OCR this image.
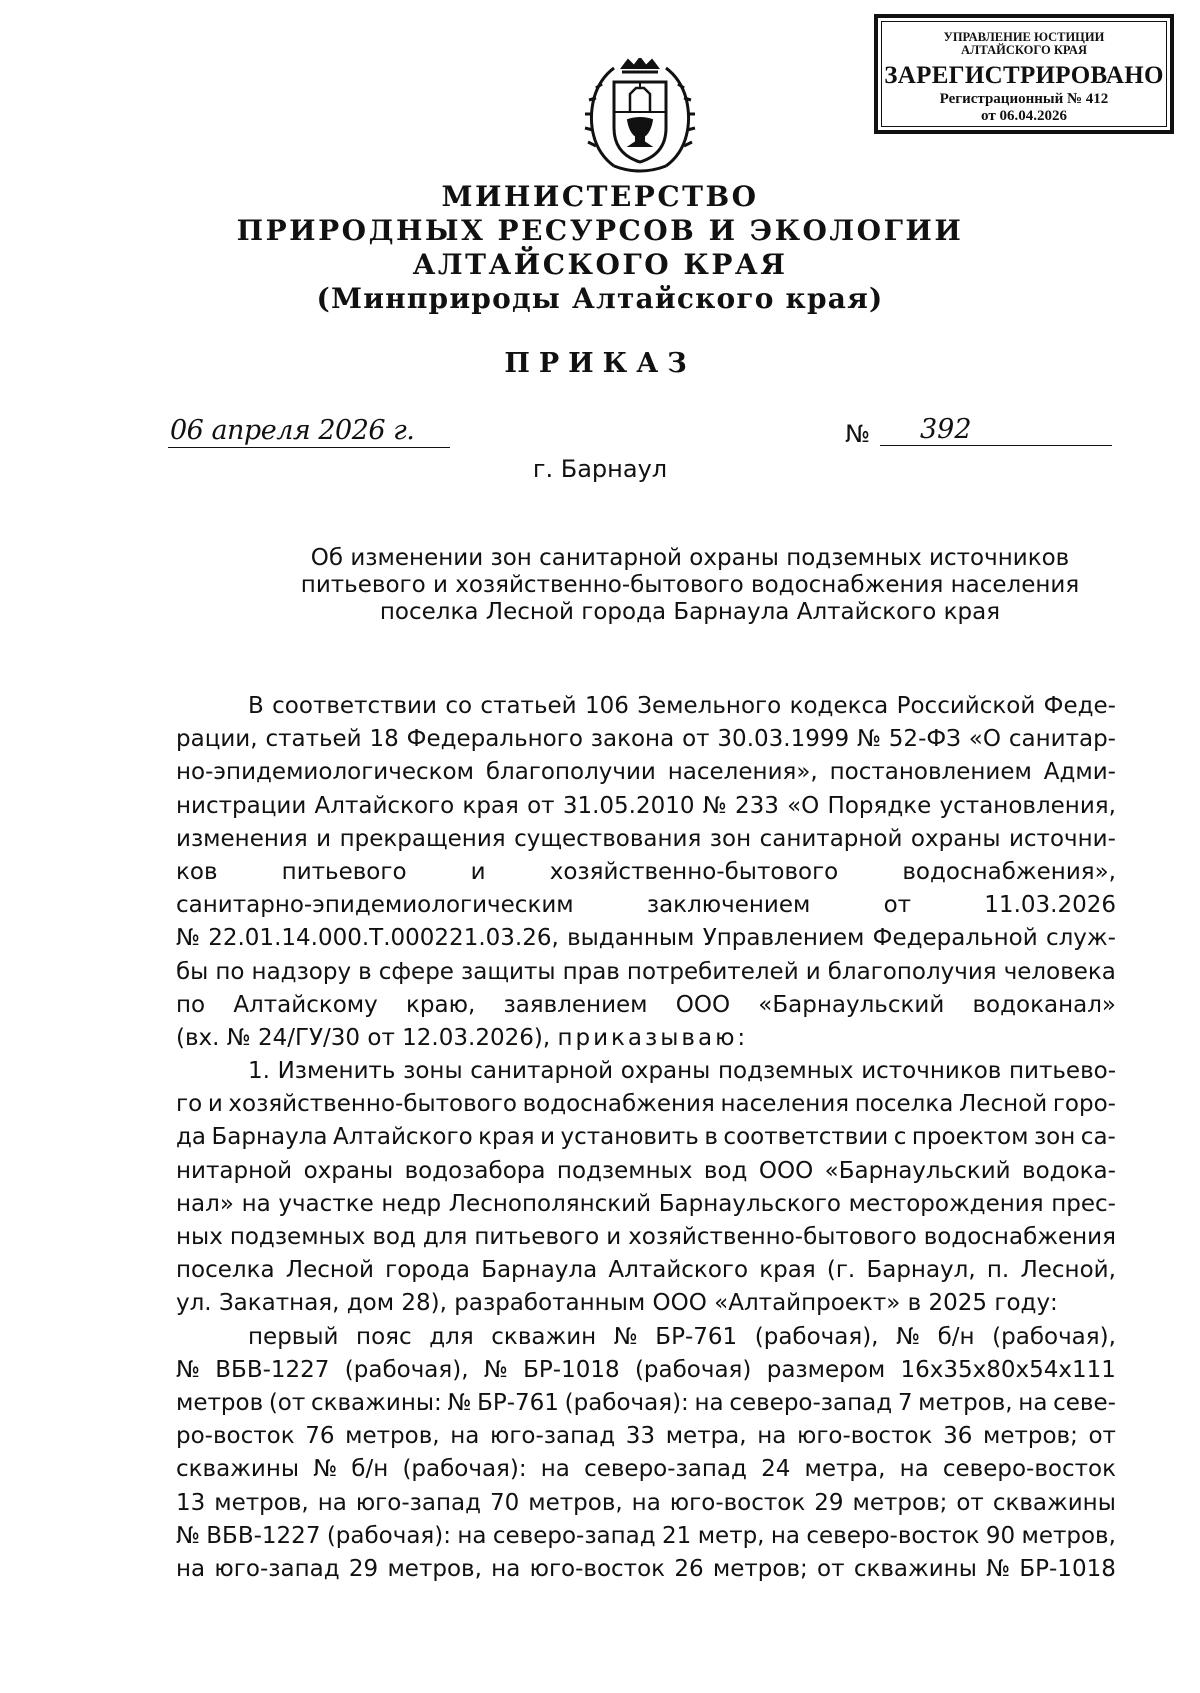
УПРАВЛЕНИЕ ЮСТИЦИИ
АЛТАЙСКОГО КРАЯ
ЗАРЕГИСТРИРОВАНО
Регистрационный № 412
от 06.04.2026
МИНИСТЕРСТВО
ПРИРОДНЫХ РЕСУРСОВ И ЭКОЛОГИИ
АЛТАЙСКОГО КРАЯ
(Минприроды Алтайского края)
ПРИКАЗ
06 апреля 2026 г.	№ 392
г. Барнаул
Об изменении зон санитарной охраны подземных источников
питьевого и хозяйственно-бытового водоснабжения населения
поселка Лесной города Барнаула Алтайского края
В соответствии со статьей 106 Земельного кодекса Российской Феде-
рации, статьей 18 Федерального закона от 30.03.1999 № 52-ФЗ «О санитар-
но-эпидемиологическом благополучии населения», постановлением Адми-
нистрации Алтайского края от 31.05.2010 № 233 «О Порядке установления,
изменения и прекращения существования зон санитарной охраны источни-
ков	питьевого	и	хозяйственно-бытового	водоснабжения»,
санитарно-эпидемиологическим	заключением	от	11.03.2026
№ 22.01.14.000.Т.000221.03.26, выданным Управлением Федеральной служ-
бы по надзору в сфере защиты прав потребителей и благополучия человека
по Алтайскому краю, заявлением ООО «Барнаульский водоканал»
(вх. № 24/ГУ/30 от 12.03.2026),
приказываю:
1. Изменить зоны санитарной охраны подземных источников питьево-
го и хозяйственно-бытового водоснабжения населения поселка Лесной горо-
да Барнаула Алтайского края и установить в соответствии с проектом зон са-
нитарной охраны водозабора подземных вод ООО «Барнаульский водока-
нал» на участке недр Леснополянский Барнаульского месторождения прес-
ных подземных вод для питьевого и хозяйственно-бытового водоснабжения
поселка Лесной города Барнаула Алтайского края (г. Барнаул, п. Лесной,
ул.
Закатная,
дом
28),
разработанным
ООО
«Алтайпроект»
в
2025
году:
первый пояс для скважин № БР-761 (рабочая), № б/н (рабочая),
№ ВБВ-1227 (рабочая), № БР-1018 (рабочая) размером 16х35х80х54х111
метров (от скважины: № БР-761 (рабочая): на северо-запад 7 метров, на севе-
ро-восток 76 метров, на юго-запад 33 метра, на юго-восток 36 метров; от
скважины № б/н (рабочая): на северо-запад 24 метра, на северо-восток
13 метров, на юго-запад 70 метров, на юго-восток 29 метров; от скважины
№ ВБВ-1227 (рабочая): на северо-запад 21 метр, на северо-восток 90 метров,
на юго-запад 29 метров, на юго-восток 26 метров; от скважины № БР-1018
